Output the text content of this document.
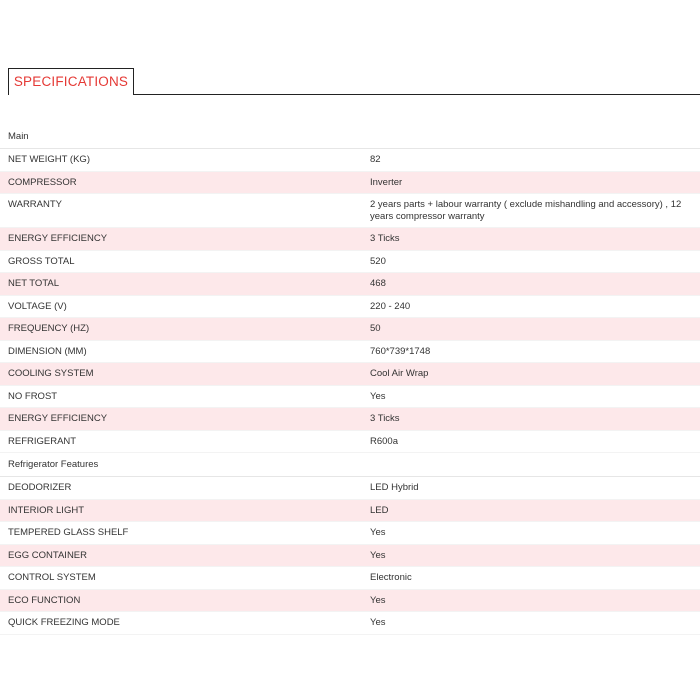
SPECIFICATIONS
Main
NET WEIGHT (KG)	82
COMPRESSOR	Inverter
WARRANTY	2 years parts + labour warranty ( exclude mishandling and accessory) , 12 years compressor warranty
ENERGY EFFICIENCY	3 Ticks
GROSS TOTAL	520
NET TOTAL	468
VOLTAGE (V)	220 - 240
FREQUENCY (HZ)	50
DIMENSION (MM)	760*739*1748
COOLING SYSTEM	Cool Air Wrap
NO FROST	Yes
ENERGY EFFICIENCY	3 Ticks
REFRIGERANT	R600a
Refrigerator Features
DEODORIZER	LED Hybrid
INTERIOR LIGHT	LED
TEMPERED GLASS SHELF	Yes
EGG CONTAINER	Yes
CONTROL SYSTEM	Electronic
ECO FUNCTION	Yes
QUICK FREEZING MODE	Yes
